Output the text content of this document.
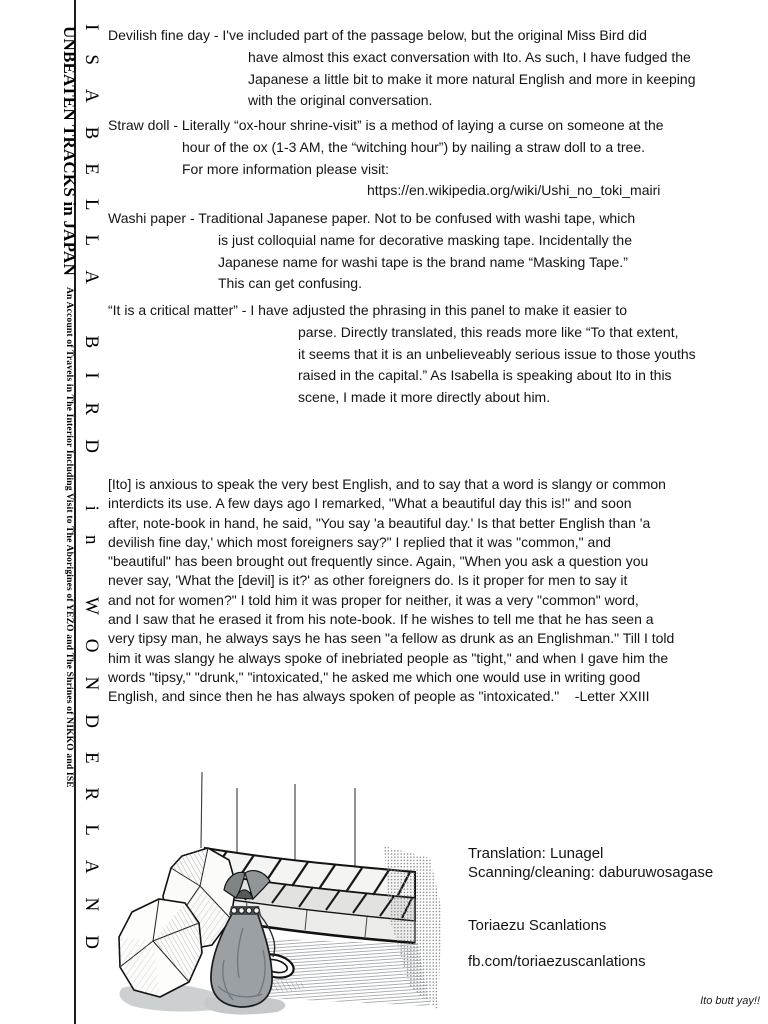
UNBEATEN TRACKS in JAPAN An Account of Travels in The Interior Including Visit to The Aborigines of YEZO and The Shrines of NIKKO and ISE ISABELLA BIRD in WONDERLAND Devilish fine day - I've included part of the passage below, but the original Miss Bird did
have almost this exact conversation with Ito. As such, I have fudged the
Japanese a little bit to make it more natural English and more in keeping
with the original conversation.
Straw doll - Literally “ox-hour shrine-visit” is a method of laying a curse on someone at the
hour of the ox (1-3 AM, the “witching hour”) by nailing a straw doll to a tree.
For more information please visit:
https://en.wikipedia.org/wiki/Ushi_no_toki_mairi
Washi paper - Traditional Japanese paper. Not to be confused with washi tape, which
is just colloquial name for decorative masking tape. Incidentally the
Japanese name for washi tape is the brand name “Masking Tape.”
This can get confusing.
“It is a critical matter” - I have adjusted the phrasing in this panel to make it easier to
parse. Directly translated, this reads more like “To that extent,
it seems that it is an unbelieveably serious issue to those youths
raised in the capital.” As Isabella is speaking about Ito in this
scene, I made it more directly about him.
[Ito] is anxious to speak the very best English, and to say that a word is slangy or common
interdicts its use. A few days ago I remarked, "What a beautiful day this is!" and soon
after, note-book in hand, he said, "You say 'a beautiful day.' Is that better English than 'a
devilish fine day,' which most foreigners say?" I replied that it was "common," and
"beautiful" has been brought out frequently since. Again, "When you ask a question you
never say, 'What the [devil] is it?' as other foreigners do. Is it proper for men to say it
and not for women?" I told him it was proper for neither, it was a very "common" word,
and I saw that he erased it from his note-book. If he wishes to tell me that he has seen a
very tipsy man, he always says he has seen "a fellow as drunk as an Englishman." Till I told
him it was slangy he always spoke of inebriated people as "tight," and when I gave him the
words "tipsy," "drunk," "intoxicated," he asked me which one would use in writing good
English, and since then he has always spoken of people as "intoxicated."    -Letter XXIII
Translation: Lunagel
Scanning/cleaning: daburuwosagase
Toriaezu Scanlations
fb.com/toriaezuscanlations
Ito butt yay!!
